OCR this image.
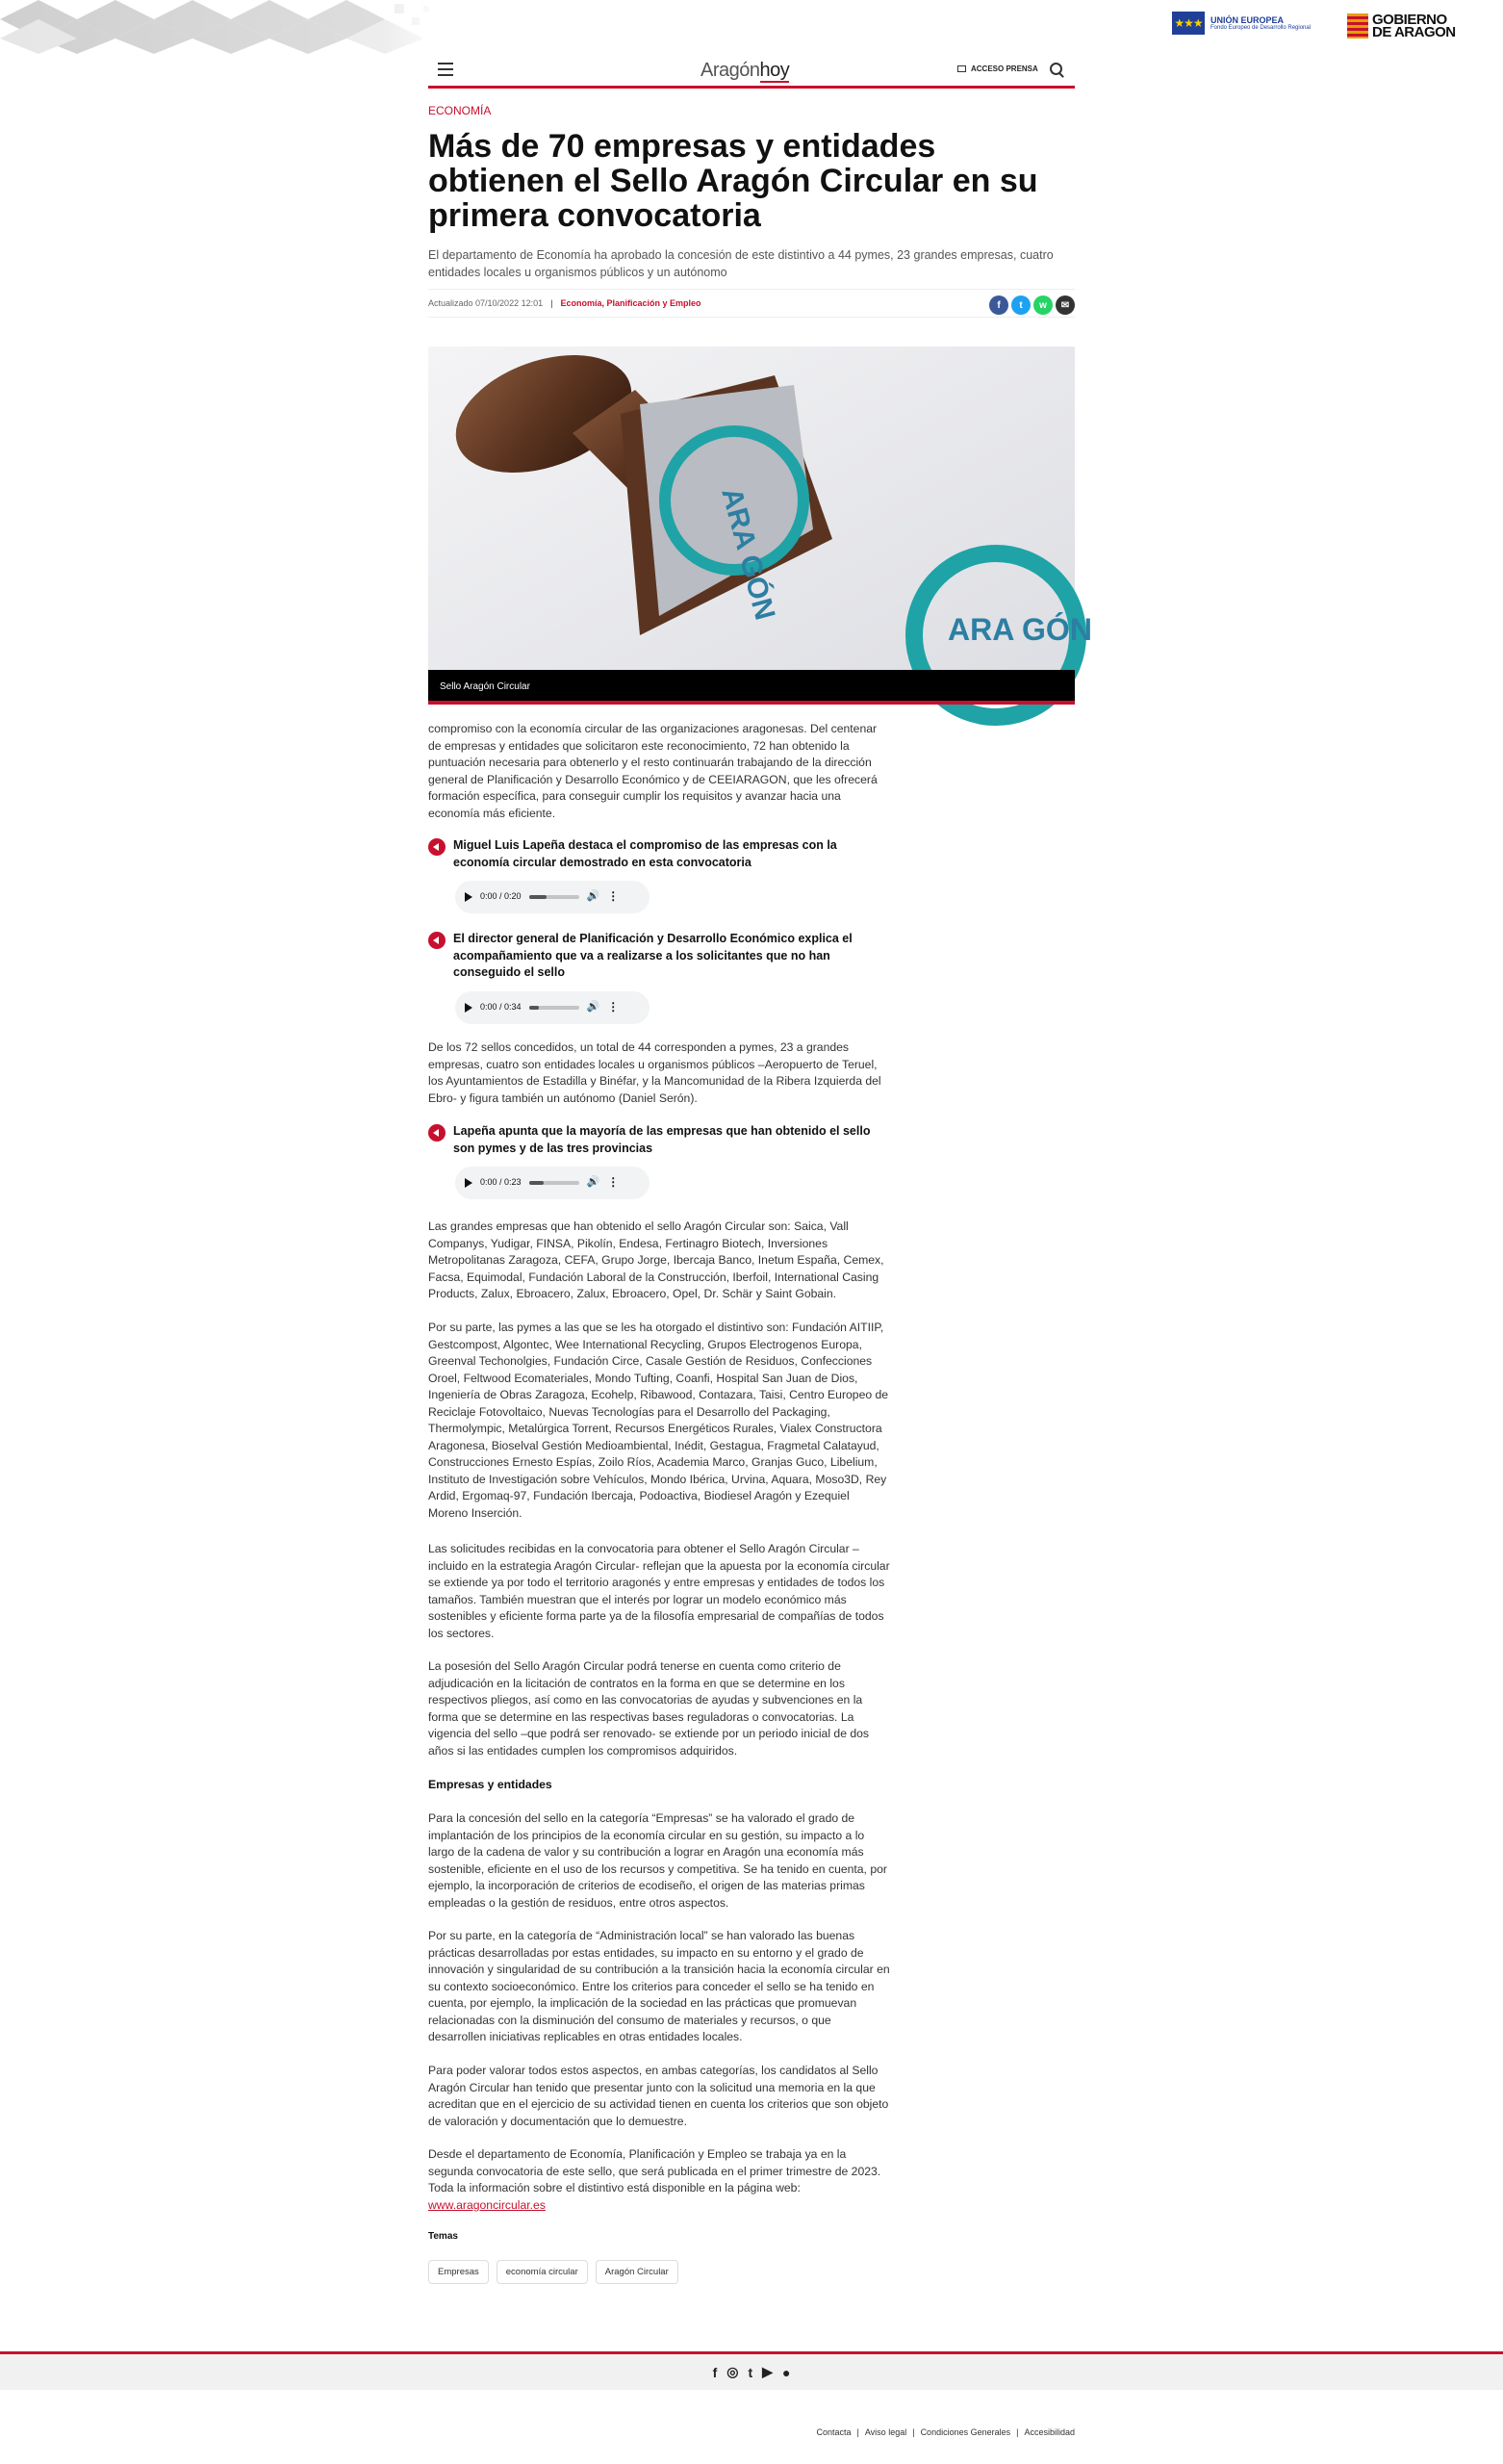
★★★ UNIÓN EUROPEA
Fondo Europeo de Desarrollo Regional	GOBIERNO
DE ARAGON
Aragónhoy	ACCESO PRENSA
ECONOMÍA
Más de 70 empresas y entidades obtienen el Sello Aragón Circular en su primera convocatoria

El departamento de Economía ha aprobado la concesión de este distintivo a 44 pymes, 23 grandes empresas, cuatro entidades locales u organismos públicos y un autónomo

Actualizado 07/10/2022 12:01 | Economía, Planificación y Empleo	f	t	w	✉
ARA GÓN
ARA GÓN
Sello Aragón Circular

compromiso con la economía circular de las organizaciones aragonesas. Del centenar de empresas y entidades que solicitaron este reconocimiento, 72 han obtenido la puntuación necesaria para obtenerlo y el resto continuarán trabajando de la dirección general de Planificación y Desarrollo Económico y de CEEIARAGON, que les ofrecerá formación específica, para conseguir cumplir los requisitos y avanzar hacia una economía más eficiente.

Miguel Luis Lapeña destaca el compromiso de las empresas con la economía circular demostrado en esta convocatoria
0:00 / 0:20	🔊 ⋮
El director general de Planificación y Desarrollo Económico explica el acompañamiento que va a realizarse a los solicitantes que no han conseguido el sello
0:00 / 0:34	🔊 ⋮

De los 72 sellos concedidos, un total de 44 corresponden a pymes, 23 a grandes empresas, cuatro son entidades locales u organismos públicos –Aeropuerto de Teruel, los Ayuntamientos de Estadilla y Binéfar, y la Mancomunidad de la Ribera Izquierda del Ebro- y figura también un autónomo (Daniel Serón).

Lapeña apunta que la mayoría de las empresas que han obtenido el sello son pymes y de las tres provincias
0:00 / 0:23	🔊 ⋮

Las grandes empresas que han obtenido el sello Aragón Circular son: Saica, Vall Companys, Yudigar, FINSA, Pikolín, Endesa, Fertinagro Biotech, Inversiones Metropolitanas Zaragoza, CEFA, Grupo Jorge, Ibercaja Banco, Inetum España, Cemex, Facsa, Equimodal, Fundación Laboral de la Construcción, Iberfoil, International Casing Products, Zalux, Ebroacero, Zalux, Ebroacero, Opel, Dr. Schär y Saint Gobain.

Por su parte, las pymes a las que se les ha otorgado el distintivo son: Fundación AITIIP, Gestcompost, Algontec, Wee International Recycling, Grupos Electrogenos Europa, Greenval Techonolgies, Fundación Circe, Casale Gestión de Residuos, Confecciones Oroel, Feltwood Ecomateriales, Mondo Tufting, Coanfi, Hospital San Juan de Dios, Ingeniería de Obras Zaragoza, Ecohelp, Ribawood, Contazara, Taisi, Centro Europeo de Reciclaje Fotovoltaico, Nuevas Tecnologías para el Desarrollo del Packaging, Thermolympic, Metalúrgica Torrent, Recursos Energéticos Rurales, Vialex Constructora Aragonesa, Bioselval Gestión Medioambiental, Inédit, Gestagua, Fragmetal Calatayud, Construcciones Ernesto Espías, Zoilo Ríos, Academia Marco, Granjas Guco, Libelium, Instituto de Investigación sobre Vehículos, Mondo Ibérica, Urvina, Aquara, Moso3D, Rey Ardid, Ergomaq-97, Fundación Ibercaja, Podoactiva, Biodiesel Aragón y Ezequiel Moreno Inserción.

Las solicitudes recibidas en la convocatoria para obtener el Sello Aragón Circular –incluido en la estrategia Aragón Circular- reflejan que la apuesta por la economía circular se extiende ya por todo el territorio aragonés y entre empresas y entidades de todos los tamaños. También muestran que el interés por lograr un modelo económico más sostenibles y eficiente forma parte ya de la filosofía empresarial de compañías de todos los sectores.

La posesión del Sello Aragón Circular podrá tenerse en cuenta como criterio de adjudicación en la licitación de contratos en la forma en que se determine en los respectivos pliegos, así como en las convocatorias de ayudas y subvenciones en la forma que se determine en las respectivas bases reguladoras o convocatorias. La vigencia del sello –que podrá ser renovado- se extiende por un periodo inicial de dos años si las entidades cumplen los compromisos adquiridos.

Empresas y entidades

Para la concesión del sello en la categoría “Empresas” se ha valorado el grado de implantación de los principios de la economía circular en su gestión, su impacto a lo largo de la cadena de valor y su contribución a lograr en Aragón una economía más sostenible, eficiente en el uso de los recursos y competitiva. Se ha tenido en cuenta, por ejemplo, la incorporación de criterios de ecodiseño, el origen de las materias primas empleadas o la gestión de residuos, entre otros aspectos.

Por su parte, en la categoría de “Administración local” se han valorado las buenas prácticas desarrolladas por estas entidades, su impacto en su entorno y el grado de innovación y singularidad de su contribución a la transición hacia la economía circular en su contexto socioeconómico. Entre los criterios para conceder el sello se ha tenido en cuenta, por ejemplo, la implicación de la sociedad en las prácticas que promuevan relacionadas con la disminución del consumo de materiales y recursos, o que desarrollen iniciativas replicables en otras entidades locales.

Para poder valorar todos estos aspectos, en ambas categorías, los candidatos al Sello Aragón Circular han tenido que presentar junto con la solicitud una memoria en la que acreditan que en el ejercicio de su actividad tienen en cuenta los criterios que son objeto de valoración y documentación que lo demuestre.

Desde el departamento de Economía, Planificación y Empleo se trabaja ya en la segunda convocatoria de este sello, que será publicada en el primer trimestre de 2023. Toda la información sobre el distintivo está disponible en la página web:
www.aragoncircular.es

Temas
Empresas	economía circular	Aragón Circular
f ◎ t ▶ ●
Contacta | Aviso legal | Condiciones Generales | Accesibilidad
